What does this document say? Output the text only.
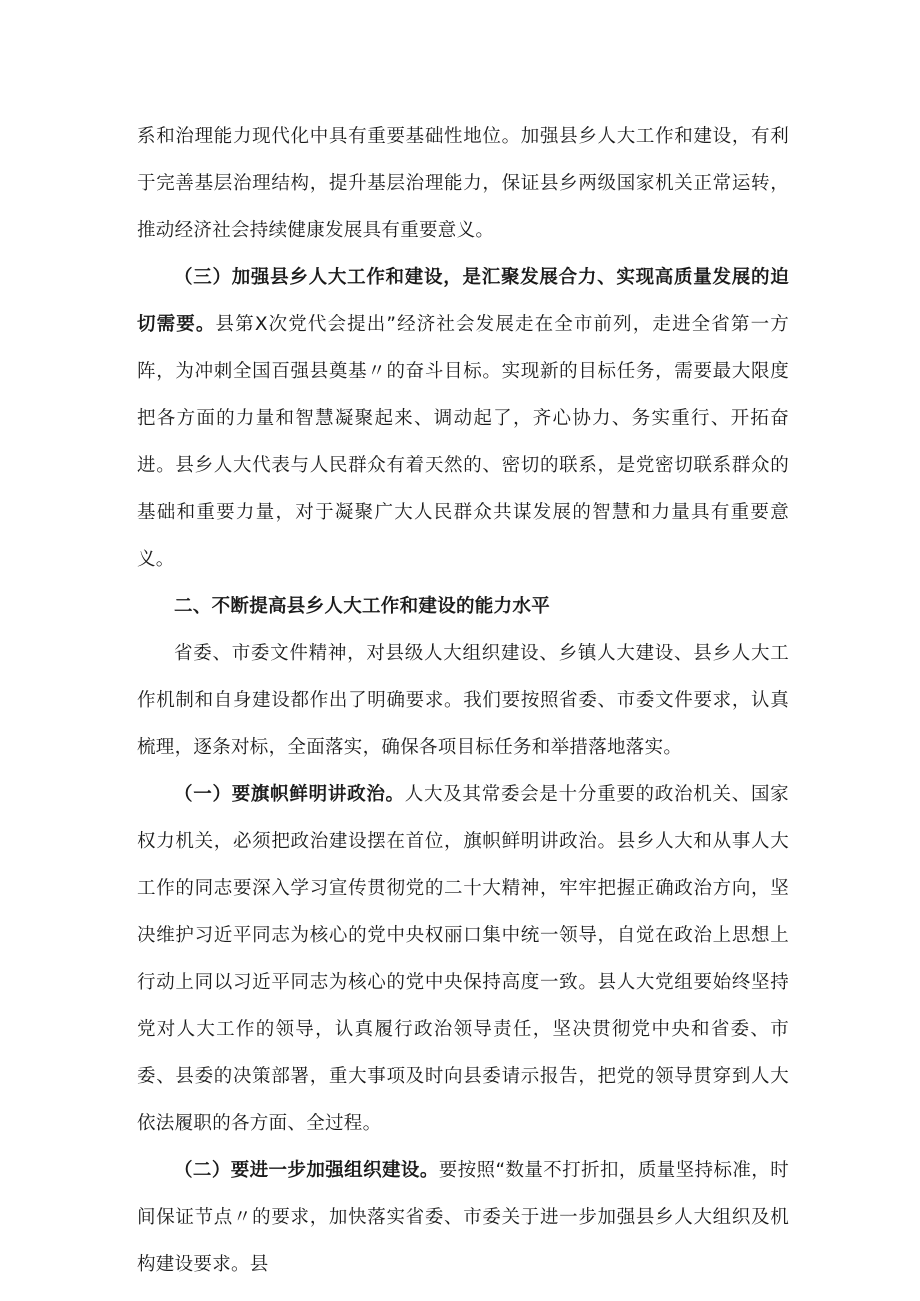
系和治理能力现代化中具有重要基础性地位。加强县乡人大工作和建设，有利于完善基层治理结构，提升基层治理能力，保证县乡两级国家机关正常运转，推动经济社会持续健康发展具有重要意义。

（三）加强县乡人大工作和建设，是汇聚发展合力、实现高质量发展的迫切需要。县第X次党代会提出”经济社会发展走在全市前列，走进全省第一方阵，为冲刺全国百强县奠基〃的奋斗目标。实现新的目标任务，需要最大限度把各方面的力量和智慧凝聚起来、调动起了，齐心协力、务实重行、开拓奋进。县乡人大代表与人民群众有着天然的、密切的联系，是党密切联系群众的基础和重要力量，对于凝聚广大人民群众共谋发展的智慧和力量具有重要意义。

二、不断提高县乡人大工作和建设的能力水平

省委、市委文件精神，对县级人大组织建设、乡镇人大建设、县乡人大工作机制和自身建设都作出了明确要求。我们要按照省委、市委文件要求，认真梳理，逐条对标，全面落实，确保各项目标任务和举措落地落实。

（一）要旗帜鲜明讲政治。人大及其常委会是十分重要的政治机关、国家权力机关，必须把政治建设摆在首位，旗帜鲜明讲政治。县乡人大和从事人大工作的同志要深入学习宣传贯彻党的二十大精神，牢牢把握正确政治方向，坚决维护习近平同志为核心的党中央权丽口集中统一领导，自觉在政治上思想上行动上同以习近平同志为核心的党中央保持高度一致。县人大党组要始终坚持党对人大工作的领导，认真履行政治领导责任，坚决贯彻党中央和省委、市委、县委的决策部署，重大事项及时向县委请示报告，把党的领导贯穿到人大依法履职的各方面、全过程。

（二）要进一步加强组织建设。要按照“数量不打折扣，质量坚持标准，时间保证节点〃的要求，加快落实省委、市委关于进一步加强县乡人大组织及机构建设要求。县
